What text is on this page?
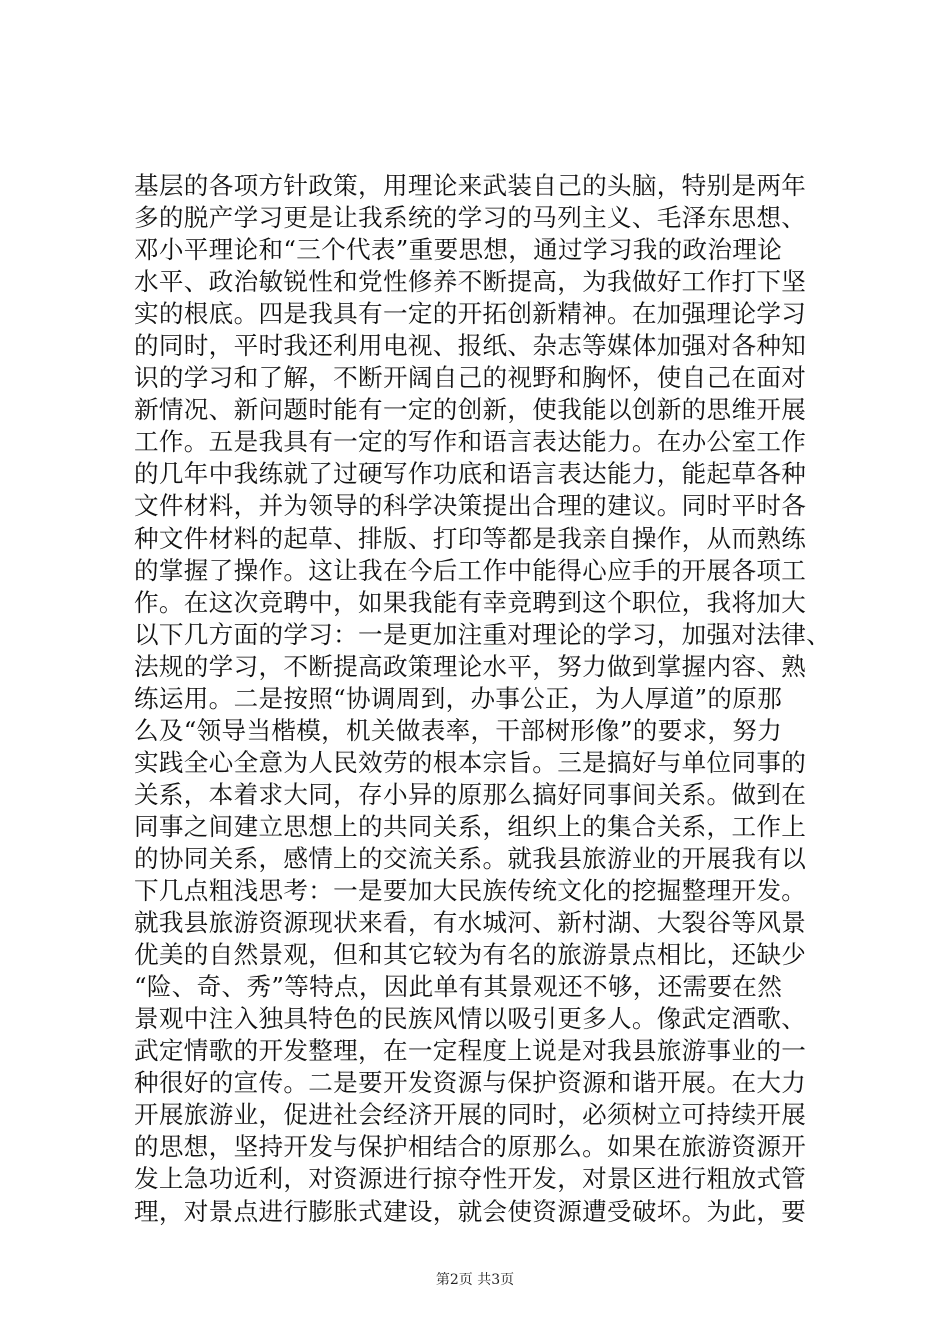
基层的各项方针政策，用理论来武装自己的头脑，特别是两年
多的脱产学习更是让我系统的学习的马列主义、毛泽东思想、
邓小平理论和“三个代表”重要思想，通过学习我的政治理论
水平、政治敏锐性和党性修养不断提高，为我做好工作打下坚
实的根底。四是我具有一定的开拓创新精神。在加强理论学习
的同时，平时我还利用电视、报纸、杂志等媒体加强对各种知
识的学习和了解，不断开阔自己的视野和胸怀，使自己在面对
新情况、新问题时能有一定的创新，使我能以创新的思维开展
工作。五是我具有一定的写作和语言表达能力。在办公室工作
的几年中我练就了过硬写作功底和语言表达能力，能起草各种
文件材料，并为领导的科学决策提出合理的建议。同时平时各
种文件材料的起草、排版、打印等都是我亲自操作，从而熟练
的掌握了操作。这让我在今后工作中能得心应手的开展各项工
作。在这次竞聘中，如果我能有幸竞聘到这个职位，我将加大
以下几方面的学习：一是更加注重对理论的学习，加强对法律、
法规的学习，不断提高政策理论水平，努力做到掌握内容、熟
练运用。二是按照“协调周到，办事公正，为人厚道”的原那
么及“领导当楷模，机关做表率，干部树形像”的要求，努力
实践全心全意为人民效劳的根本宗旨。三是搞好与单位同事的
关系，本着求大同，存小异的原那么搞好同事间关系。做到在
同事之间建立思想上的共同关系，组织上的集合关系，工作上
的协同关系，感情上的交流关系。就我县旅游业的开展我有以
下几点粗浅思考：一是要加大民族传统文化的挖掘整理开发。
就我县旅游资源现状来看，有水城河、新村湖、大裂谷等风景
优美的自然景观，但和其它较为有名的旅游景点相比，还缺少
“险、奇、秀”等特点，因此单有其景观还不够，还需要在然
景观中注入独具特色的民族风情以吸引更多人。像武定酒歌、
武定情歌的开发整理，在一定程度上说是对我县旅游事业的一
种很好的宣传。二是要开发资源与保护资源和谐开展。在大力
开展旅游业，促进社会经济开展的同时，必须树立可持续开展
的思想，坚持开发与保护相结合的原那么。如果在旅游资源开
发上急功近利，对资源进行掠夺性开发，对景区进行粗放式管
理，对景点进行膨胀式建设，就会使资源遭受破坏。为此，要
第2页 共3页
